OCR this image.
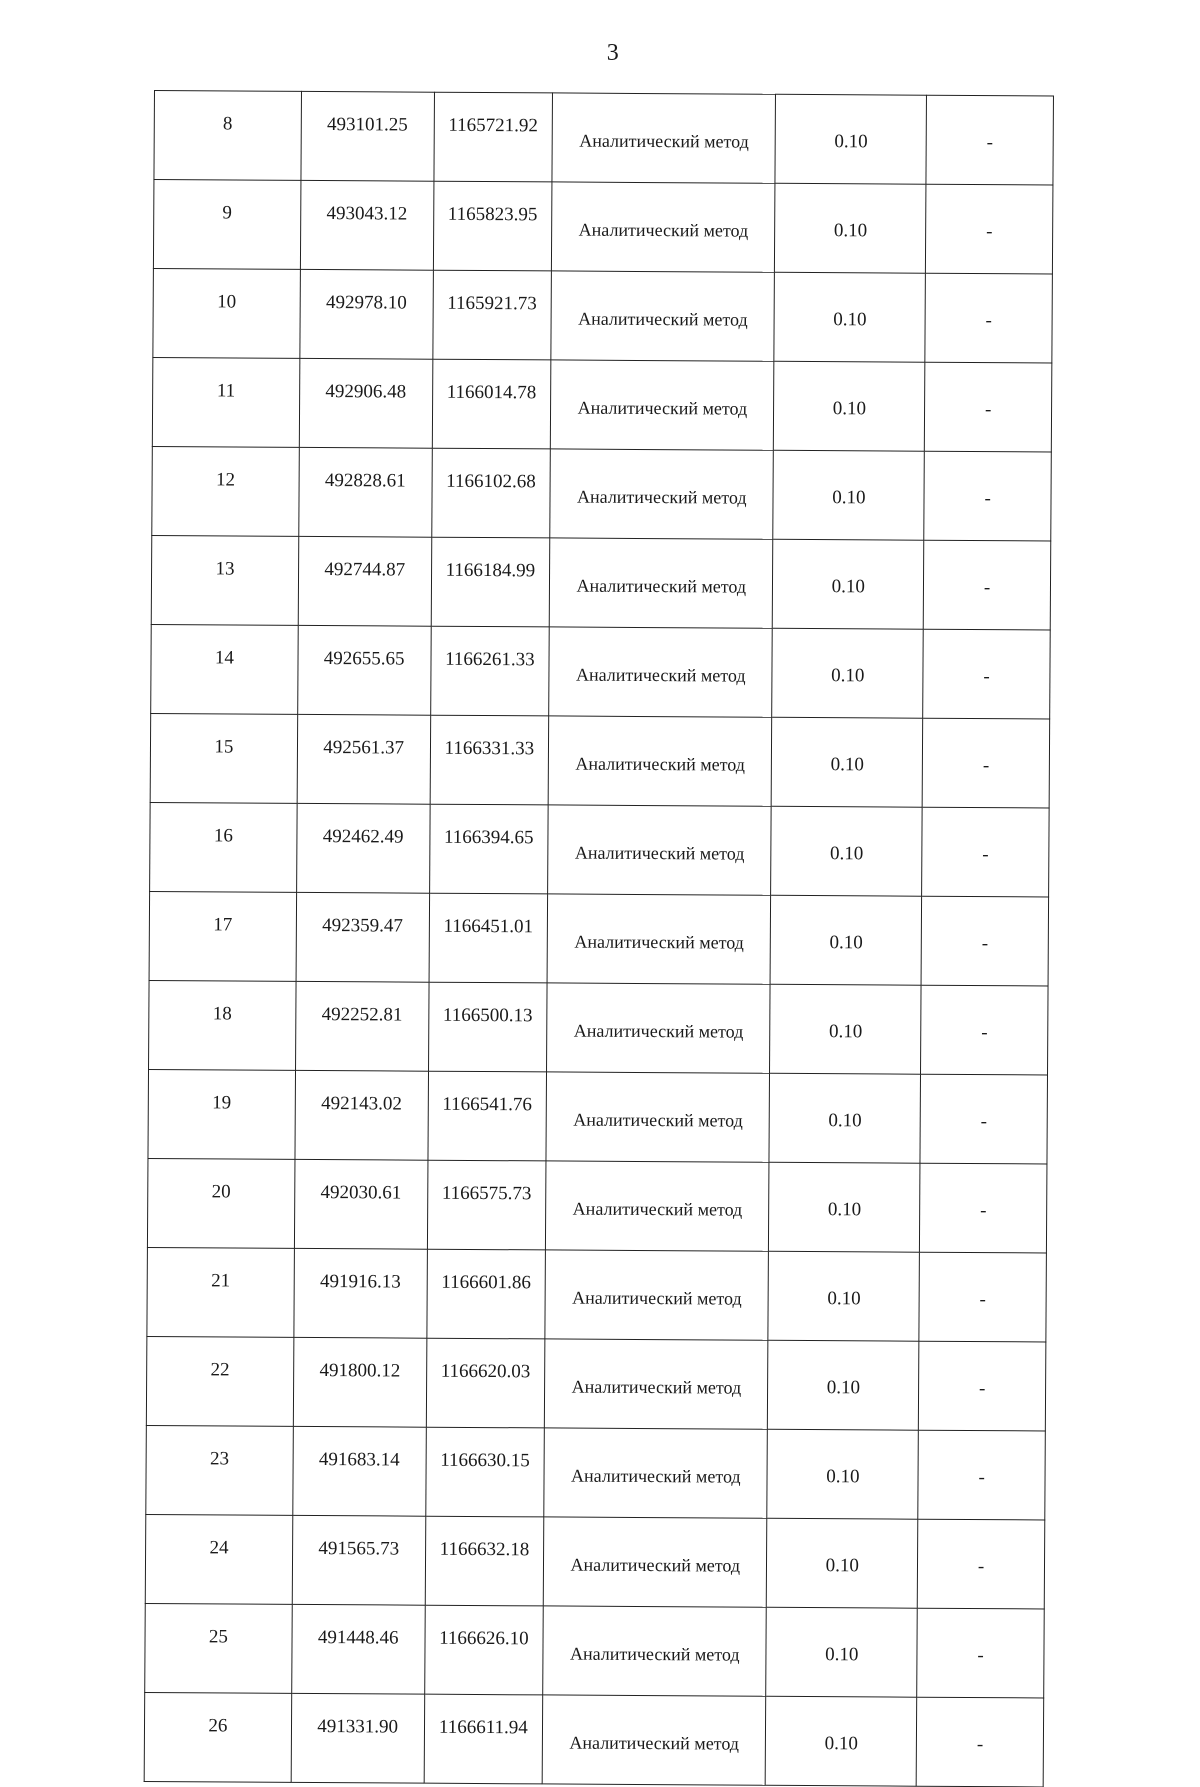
3
8	493101.25	1165721.92	Аналитический метод	0.10	-
9	493043.12	1165823.95	Аналитический метод	0.10	-
10	492978.10	1165921.73	Аналитический метод	0.10	-
11	492906.48	1166014.78	Аналитический метод	0.10	-
12	492828.61	1166102.68	Аналитический метод	0.10	-
13	492744.87	1166184.99	Аналитический метод	0.10	-
14	492655.65	1166261.33	Аналитический метод	0.10	-
15	492561.37	1166331.33	Аналитический метод	0.10	-
16	492462.49	1166394.65	Аналитический метод	0.10	-
17	492359.47	1166451.01	Аналитический метод	0.10	-
18	492252.81	1166500.13	Аналитический метод	0.10	-
19	492143.02	1166541.76	Аналитический метод	0.10	-
20	492030.61	1166575.73	Аналитический метод	0.10	-
21	491916.13	1166601.86	Аналитический метод	0.10	-
22	491800.12	1166620.03	Аналитический метод	0.10	-
23	491683.14	1166630.15	Аналитический метод	0.10	-
24	491565.73	1166632.18	Аналитический метод	0.10	-
25	491448.46	1166626.10	Аналитический метод	0.10	-
26	491331.90	1166611.94	Аналитический метод	0.10	-
